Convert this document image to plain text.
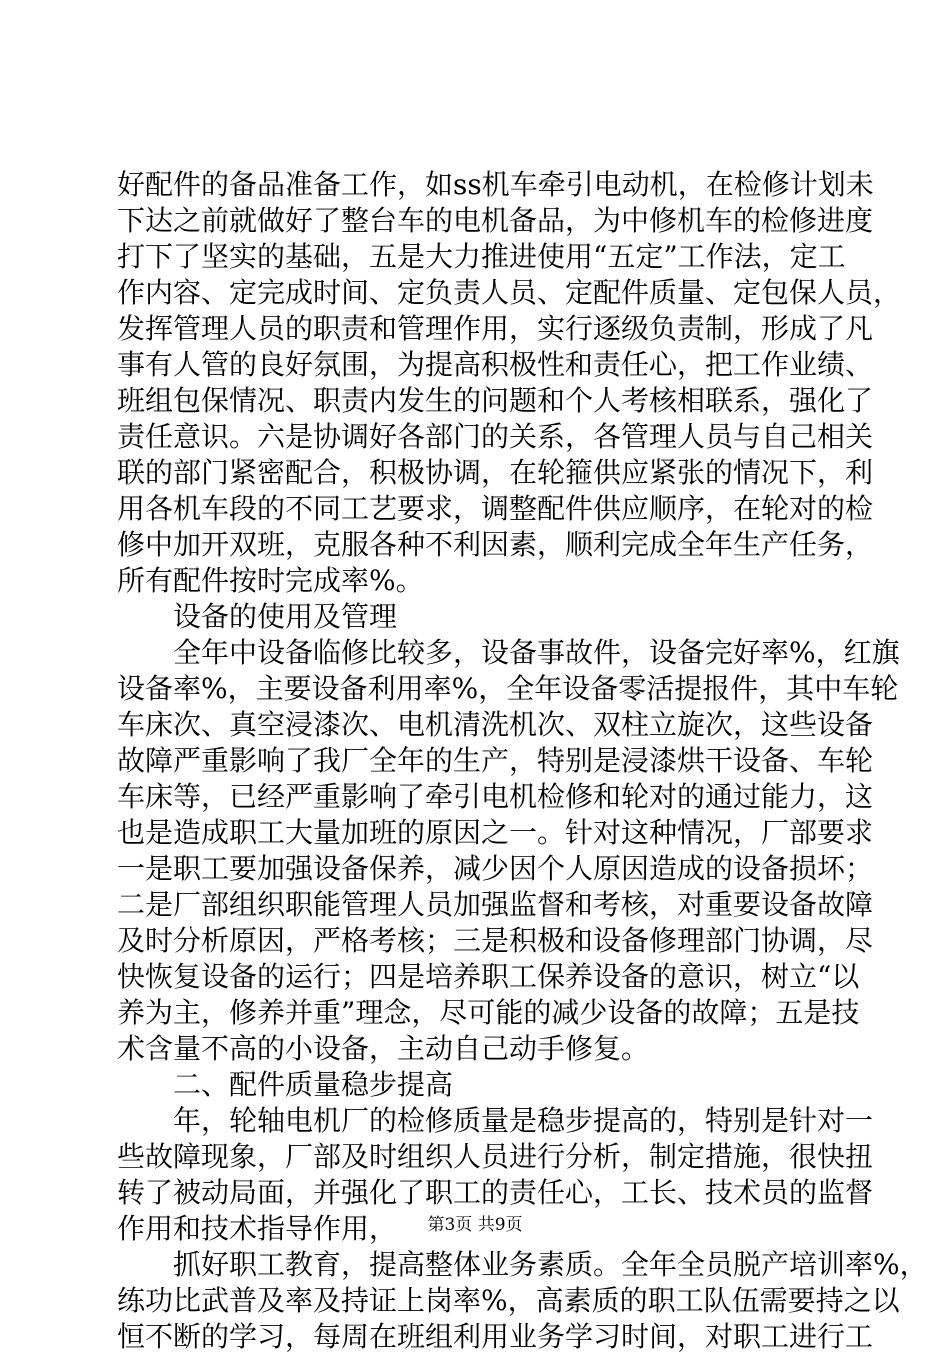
好配件的备品准备工作，如ss机车牵引电动机，在检修计划未
下达之前就做好了整台车的电机备品，为中修机车的检修进度
打下了坚实的基础，五是大力推进使用“五定”工作法，定工
作内容、定完成时间、定负责人员、定配件质量、定包保人员，
发挥管理人员的职责和管理作用，实行逐级负责制，形成了凡
事有人管的良好氛围，为提高积极性和责任心，把工作业绩、
班组包保情况、职责内发生的问题和个人考核相联系，强化了
责任意识。六是协调好各部门的关系，各管理人员与自己相关
联的部门紧密配合，积极协调，在轮箍供应紧张的情况下，利
用各机车段的不同工艺要求，调整配件供应顺序，在轮对的检
修中加开双班，克服各种不利因素，顺利完成全年生产任务，
所有配件按时完成率%。
设备的使用及管理
全年中设备临修比较多，设备事故件，设备完好率%，红旗
设备率%，主要设备利用率%，全年设备零活提报件，其中车轮
车床次、真空浸漆次、电机清洗机次、双柱立旋次，这些设备
故障严重影响了我厂全年的生产，特别是浸漆烘干设备、车轮
车床等，已经严重影响了牵引电机检修和轮对的通过能力，这
也是造成职工大量加班的原因之一。针对这种情况，厂部要求
一是职工要加强设备保养，减少因个人原因造成的设备损坏；
二是厂部组织职能管理人员加强监督和考核，对重要设备故障
及时分析原因，严格考核；三是积极和设备修理部门协调，尽
快恢复设备的运行；四是培养职工保养设备的意识，树立“以
养为主，修养并重”理念，尽可能的减少设备的故障；五是技
术含量不高的小设备，主动自己动手修复。
二、配件质量稳步提高
年，轮轴电机厂的检修质量是稳步提高的，特别是针对一
些故障现象，厂部及时组织人员进行分析，制定措施，很快扭
转了被动局面，并强化了职工的责任心，工长、技术员的监督
作用和技术指导作用，
抓好职工教育，提高整体业务素质。全年全员脱产培训率%，
练功比武普及率及持证上岗率%，高素质的职工队伍需要持之以
恒不断的学习，每周在班组利用业务学习时间，对职工进行工
第3页 共9页
